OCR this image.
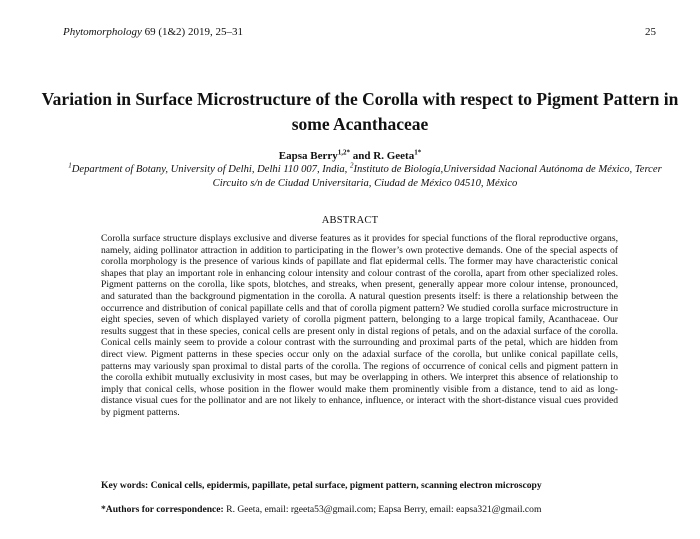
Phytomorphology 69 (1&2) 2019, 25–31	25
Variation in Surface Microstructure of the Corolla with respect to Pigment Pattern in some Acanthaceae
Eapsa Berry$^{1,2*}$ and R. Geeta$^{1*}$
$^1$Department of Botany, University of Delhi, Delhi 110 007, India, $^2$Instituto de Biología,Universidad Nacional Autónoma de México, Tercer Circuito s/n de Ciudad Universitaria, Ciudad de México 04510, México
ABSTRACT

Corolla surface structure displays exclusive and diverse features as it provides for special functions of the floral reproductive organs, namely, aiding pollinator attraction in addition to participating in the flower’s own protective demands. One of the special aspects of corolla morphology is the presence of various kinds of papillate and flat epidermal cells. The former may have characteristic conical shapes that play an important role in enhancing colour intensity and colour contrast of the corolla, apart from other specialized roles. Pigment patterns on the corolla, like spots, blotches, and streaks, when present, generally appear more colour intense, pronounced, and saturated than the background pigmentation in the corolla. A natural question presents itself: is there a relationship between the occurrence and distribution of conical papillate cells and that of corolla pigment pattern? We studied corolla surface microstructure in eight species, seven of which displayed variety of corolla pigment pattern, belonging to a large tropical family, Acanthaceae. Our results suggest that in these species, conical cells are present only in distal regions of petals, and on the adaxial surface of the corolla. Conical cells mainly seem to provide a colour contrast with the surrounding and proximal parts of the petal, which are hidden from direct view. Pigment patterns in these species occur only on the adaxial surface of the corolla, but unlike conical papillate cells, patterns may variously span proximal to distal parts of the corolla. The regions of occurrence of conical cells and pigment pattern in the corolla exhibit mutually exclusivity in most cases, but may be overlapping in others. We interpret this absence of relationship to imply that conical cells, whose position in the flower would make them prominently visible from a distance, tend to aid as long-distance visual cues for the pollinator and are not likely to enhance, influence, or interact with the short-distance visual cues provided by pigment patterns.

Key words: Conical cells, epidermis, papillate, petal surface, pigment pattern, scanning electron microscopy
*Authors for correspondence: R. Geeta, email: rgeeta53@gmail.com; Eapsa Berry, email: eapsa321@gmail.com
